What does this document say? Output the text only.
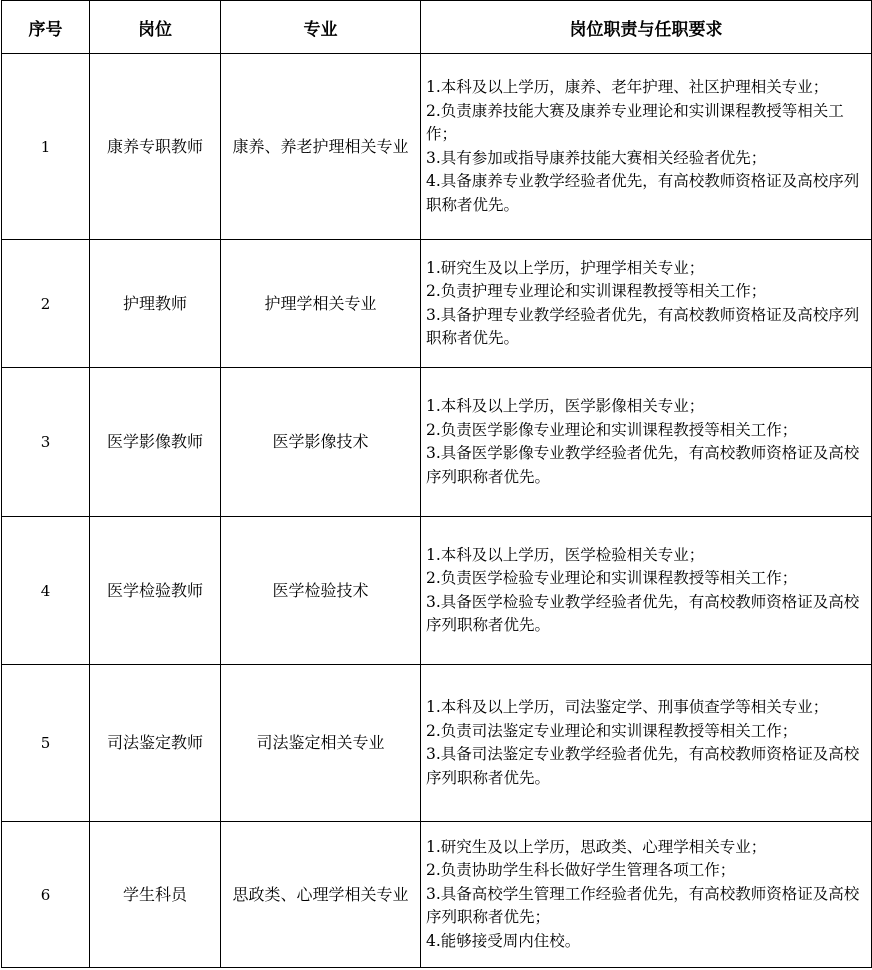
序号	岗位	专业	岗位职责与任职要求
1	康养专职教师	康养、养老护理相关专业	1.本科及以上学历，康养、老年护理、社区护理相关专业；
2.负责康养技能大赛及康养专业理论和实训课程教授等相关工作；
3.具有参加或指导康养技能大赛相关经验者优先；
4.具备康养专业教学经验者优先，有高校教师资格证及高校序列职称者优先。

2	护理教师	护理学相关专业	1.研究生及以上学历，护理学相关专业；
2.负责护理专业理论和实训课程教授等相关工作；
3.具备护理专业教学经验者优先，有高校教师资格证及高校序列职称者优先。

3	医学影像教师	医学影像技术	1.本科及以上学历，医学影像相关专业；
2.负责医学影像专业理论和实训课程教授等相关工作；
3.具备医学影像专业教学经验者优先，有高校教师资格证及高校序列职称者优先。

4	医学检验教师	医学检验技术	1.本科及以上学历，医学检验相关专业；
2.负责医学检验专业理论和实训课程教授等相关工作；
3.具备医学检验专业教学经验者优先，有高校教师资格证及高校序列职称者优先。

5	司法鉴定教师	司法鉴定相关专业	1.本科及以上学历，司法鉴定学、刑事侦查学等相关专业；
2.负责司法鉴定专业理论和实训课程教授等相关工作；
3.具备司法鉴定专业教学经验者优先，有高校教师资格证及高校序列职称者优先。

6	学生科员	思政类、心理学相关专业	1.研究生及以上学历，思政类、心理学相关专业；
2.负责协助学生科长做好学生管理各项工作；
3.具备高校学生管理工作经验者优先，有高校教师资格证及高校序列职称者优先；
4.能够接受周内住校。
